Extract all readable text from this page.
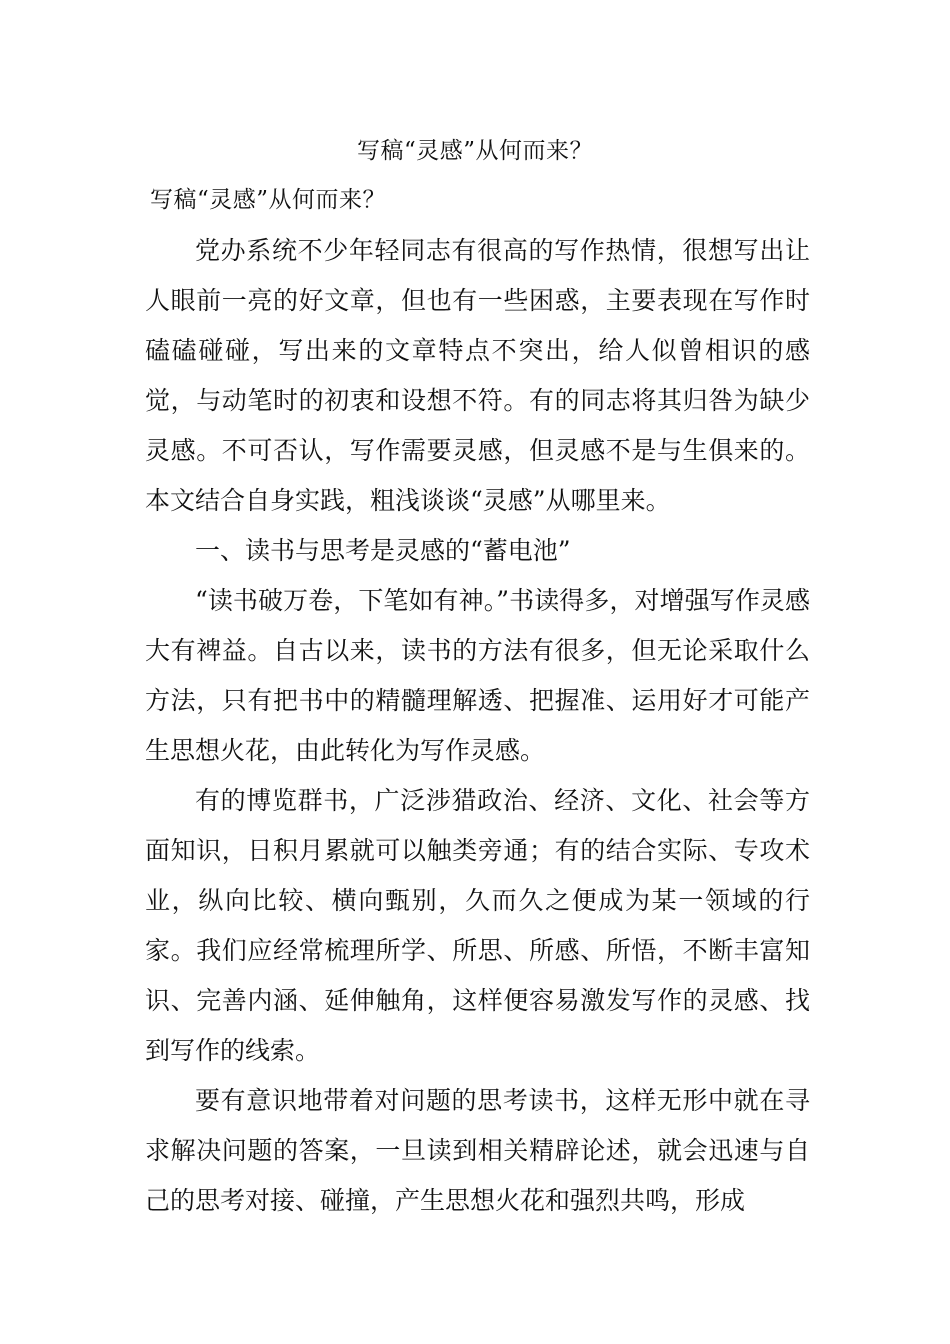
写稿“灵感”从何而来？
写稿“灵感”从何而来？

党办系统不少年轻同志有很高的写作热情，很想写出让人眼前一亮的好文章，但也有一些困惑，主要表现在写作时磕磕碰碰，写出来的文章特点不突出，给人似曾相识的感觉，与动笔时的初衷和设想不符。有的同志将其归咎为缺少灵感。不可否认，写作需要灵感，但灵感不是与生俱来的。本文结合自身实践，粗浅谈谈“灵感”从哪里来。

一、读书与思考是灵感的“蓄电池”

“读书破万卷，下笔如有神。”书读得多，对增强写作灵感大有裨益。自古以来，读书的方法有很多，但无论采取什么方法，只有把书中的精髓理解透、把握准、运用好才可能产生思想火花，由此转化为写作灵感。

有的博览群书，广泛涉猎政治、经济、文化、社会等方面知识，日积月累就可以触类旁通；有的结合实际、专攻术业，纵向比较、横向甄别，久而久之便成为某一领域的行家。我们应经常梳理所学、所思、所感、所悟，不断丰富知识、完善内涵、延伸触角，这样便容易激发写作的灵感、找到写作的线索。

要有意识地带着对问题的思考读书，这样无形中就在寻求解决问题的答案，一旦读到相关精辟论述，就会迅速与自己的思考对接、碰撞，产生思想火花和强烈共鸣，形成
